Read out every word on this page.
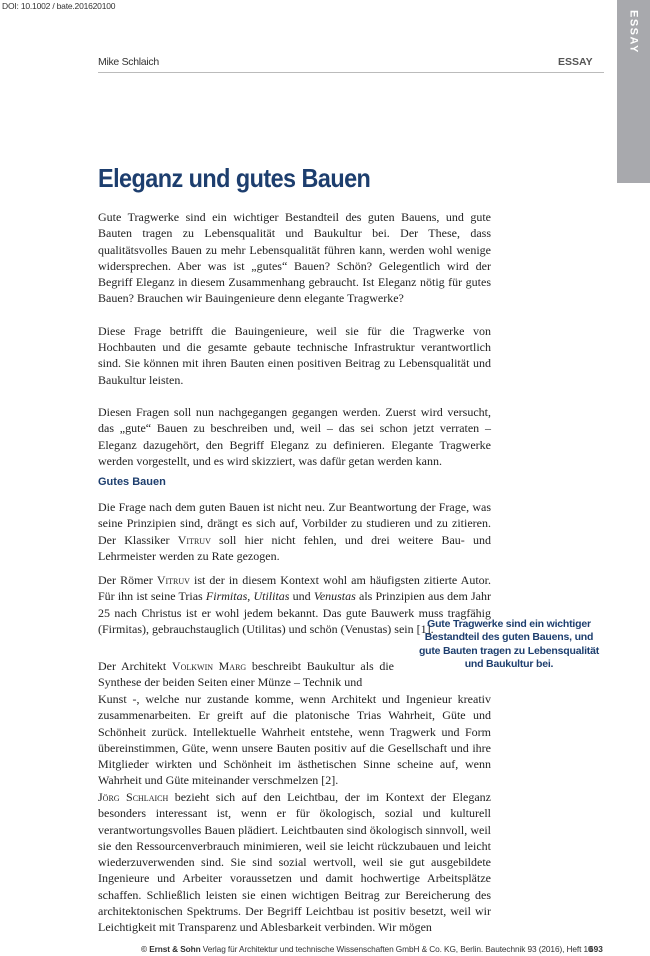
DOI: 10.1002 / bate.201620100
ESSAY
Mike Schlaich	ESSAY
Eleganz und gutes Bauen

Gute Tragwerke sind ein wichtiger Bestandteil des guten Bauens, und gute Bauten tragen zu Lebensqualität und Baukultur bei. Der These, dass qualitätsvolles Bauen zu mehr Lebensqualität führen kann, werden wohl wenige widersprechen. Aber was ist „gutes“ Bauen? Schön? Gelegentlich wird der Begriff Eleganz in diesem Zusammenhang gebraucht. Ist Eleganz nötig für gutes Bauen? Brauchen wir Bauingenieure denn elegante Tragwerke?

Diese Frage betrifft die Bauingenieure, weil sie für die Tragwerke von Hochbauten und die gesamte gebaute technische Infrastruktur verantwortlich sind. Sie können mit ihren Bauten einen positiven Beitrag zu Lebensqualität und Baukultur leisten.

Diesen Fragen soll nun nachgegangen gegangen werden. Zuerst wird versucht, das „gute“ Bauen zu beschreiben und, weil – das sei schon jetzt verraten – Eleganz dazugehört, den Begriff Eleganz zu definieren. Elegante Tragwerke werden vorgestellt, und es wird skizziert, was dafür getan werden kann.

Gutes Bauen

Die Frage nach dem guten Bauen ist nicht neu. Zur Beantwortung der Frage, was seine Prinzipien sind, drängt es sich auf, Vorbilder zu studieren und zu zitieren. Der Klassiker Vitruv soll hier nicht fehlen, und drei weitere Bau- und Lehrmeister werden zu Rate gezogen.

Der Römer Vitruv ist der in diesem Kontext wohl am häufigsten zitierte Autor. Für ihn ist seine Trias Firmitas, Utilitas und Venustas als Prinzipien aus dem Jahr 25 nach Christus ist er wohl jedem bekannt. Das gute Bauwerk muss tragfähig (Firmitas), gebrauchstauglich (Utilitas) und schön (Venustas) sein [1].

Der Architekt Volkwin Marg beschreibt Baukultur als die Synthese der beiden Seiten einer Münze – Technik und

Kunst -, welche nur zustande komme, wenn Architekt und Ingenieur kreativ zusammenarbeiten. Er greift auf die platonische Trias Wahrheit, Güte und Schönheit zurück. Intellektuelle Wahrheit entstehe, wenn Tragwerk und Form übereinstimmen, Güte, wenn unsere Bauten positiv auf die Gesellschaft und ihre Mitglieder wirkten und Schönheit im ästhetischen Sinne scheine auf, wenn Wahrheit und Güte miteinander verschmelzen [2].

Jörg Schlaich bezieht sich auf den Leichtbau, der im Kontext der Eleganz besonders interessant ist, wenn er für ökologisch, sozial und kulturell verantwortungsvolles Bauen plädiert. Leichtbauten sind ökologisch sinnvoll, weil sie den Ressourcenverbrauch minimieren, weil sie leicht rückzubauen und leicht wiederzuverwenden sind. Sie sind sozial wertvoll, weil sie gut ausgebildete Ingenieure und Arbeiter voraussetzen und damit hochwertige Arbeitsplätze schaffen. Schließlich leisten sie einen wichtigen Beitrag zur Bereicherung des architektonischen Spektrums. Der Begriff Leichtbau ist positiv besetzt, weil wir Leichtigkeit mit Transparenz und Ablesbarkeit verbinden. Wir mögen

Gute Tragwerke sind ein wichtiger Bestandteil des guten Bauens, und gute Bauten tragen zu Lebensqualität und Baukultur bei.
© Ernst & Sohn Verlag für Architektur und technische Wissenschaften GmbH & Co. KG, Berlin. Bautechnik 93 (2016), Heft 10
693
